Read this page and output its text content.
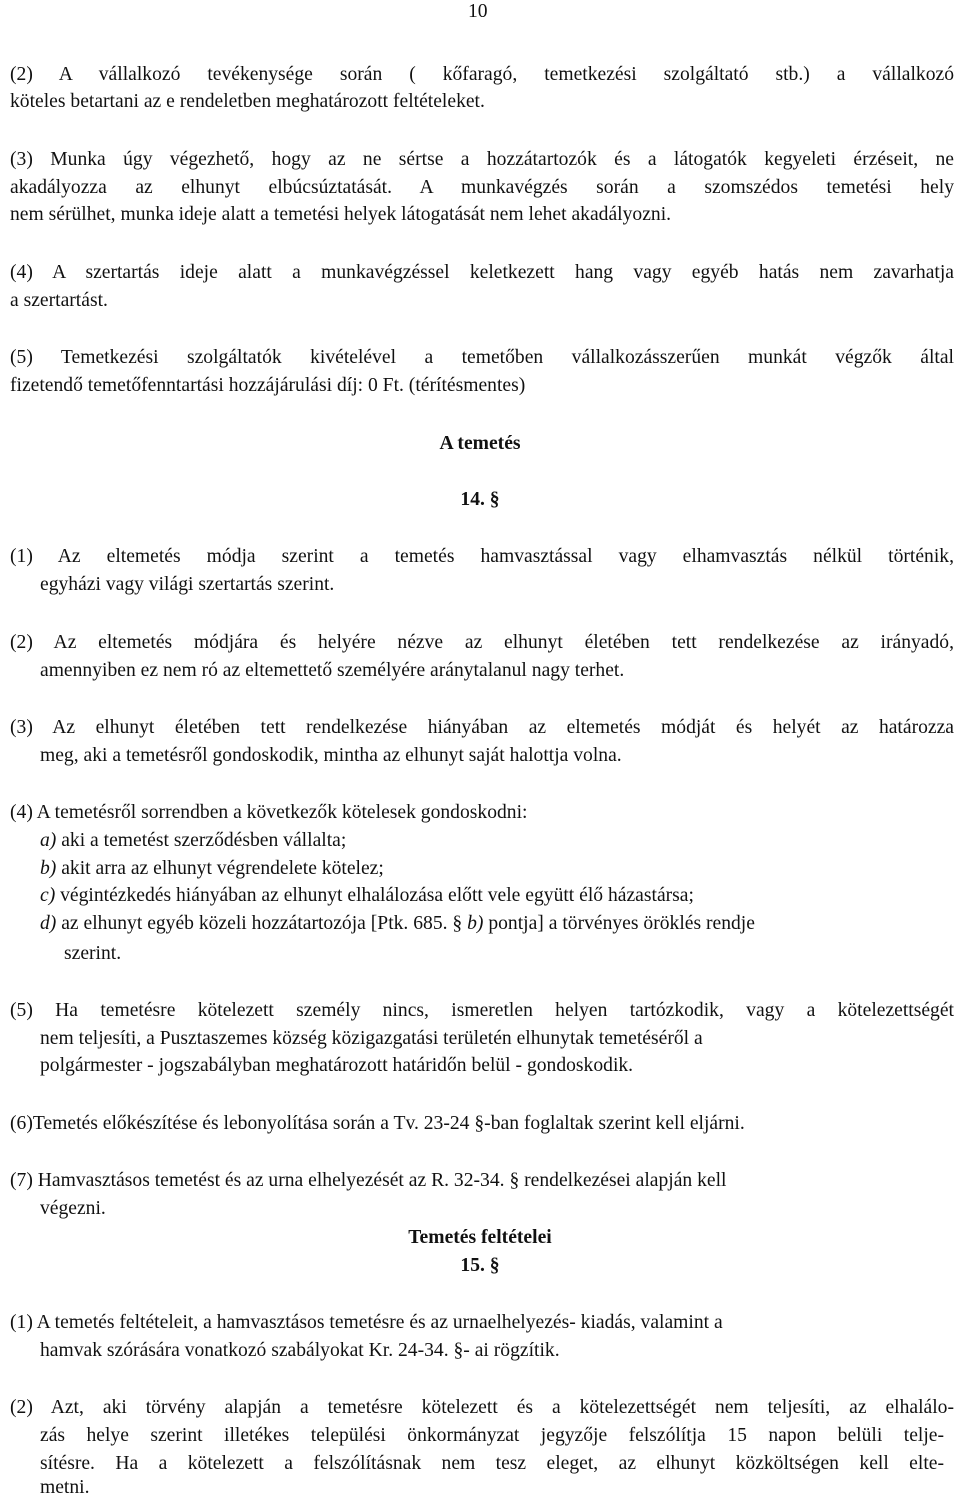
10
(2) A vállalkozó tevékenysége során ( kőfaragó, temetkezési szolgáltató stb.) a vállalkozó
köteles betartani az e rendeletben meghatározott feltételeket.
(3) Munka úgy végezhető, hogy az ne sértse a hozzátartozók és a látogatók kegyeleti érzéseit, ne
akadályozza az elhunyt elbúcsúztatását. A munkavégzés során a szomszédos temetési hely
nem sérülhet, munka ideje alatt a temetési helyek látogatását nem lehet akadályozni.
(4) A szertartás ideje alatt a munkavégzéssel keletkezett hang vagy egyéb hatás nem zavarhatja
a szertartást.
(5) Temetkezési szolgáltatók kivételével a temetőben vállalkozásszerűen munkát végzők által
fizetendő temetőfenntartási hozzájárulási díj: 0 Ft. (térítésmentes)
A temetés
14. §
(1) Az eltemetés módja szerint a temetés hamvasztással vagy elhamvasztás nélkül történik,
egyházi vagy világi szertartás szerint.
(2) Az eltemetés módjára és helyére nézve az elhunyt életében tett rendelkezése az irányadó,
amennyiben ez nem ró az eltemettető személyére aránytalanul nagy terhet.
(3) Az elhunyt életében tett rendelkezése hiányában az eltemetés módját és helyét az határozza
meg, aki a temetésről gondoskodik, mintha az elhunyt saját halottja volna.
(4) A temetésről sorrendben a következők kötelesek gondoskodni:
a) aki a temetést szerződésben vállalta;
b) akit arra az elhunyt végrendelete kötelez;
c) végintézkedés hiányában az elhunyt elhalálozása előtt vele együtt élő házastársa;
d) az elhunyt egyéb közeli hozzátartozója [Ptk. 685. § b) pontja] a törvényes öröklés rendje
szerint.
(5) Ha temetésre kötelezett személy nincs, ismeretlen helyen tartózkodik, vagy a kötelezettségét
nem teljesíti, a Pusztaszemes község közigazgatási területén elhunytak temetéséről a
polgármester - jogszabályban meghatározott határidőn belül - gondoskodik.
(6)Temetés előkészítése és lebonyolítása során a Tv. 23-24 §-ban foglaltak szerint kell eljárni.
(7) Hamvasztásos temetést és az urna elhelyezését az R. 32-34. § rendelkezései alapján kell
végezni.
Temetés feltételei
15. §
(1) A temetés feltételeit, a hamvasztásos temetésre és az urnaelhelyezés- kiadás, valamint a
hamvak szórására vonatkozó szabályokat Kr. 24-34. §- ai rögzítik.
(2) Azt, aki törvény alapján a temetésre kötelezett és a kötelezettségét nem teljesíti, az elhalálo-
zás helye szerint illetékes települési önkormányzat jegyzője felszólítja 15 napon belüli telje-
sítésre. Ha a kötelezett a felszólításnak nem tesz eleget, az elhunyt közköltségen kell elte-
metni.
